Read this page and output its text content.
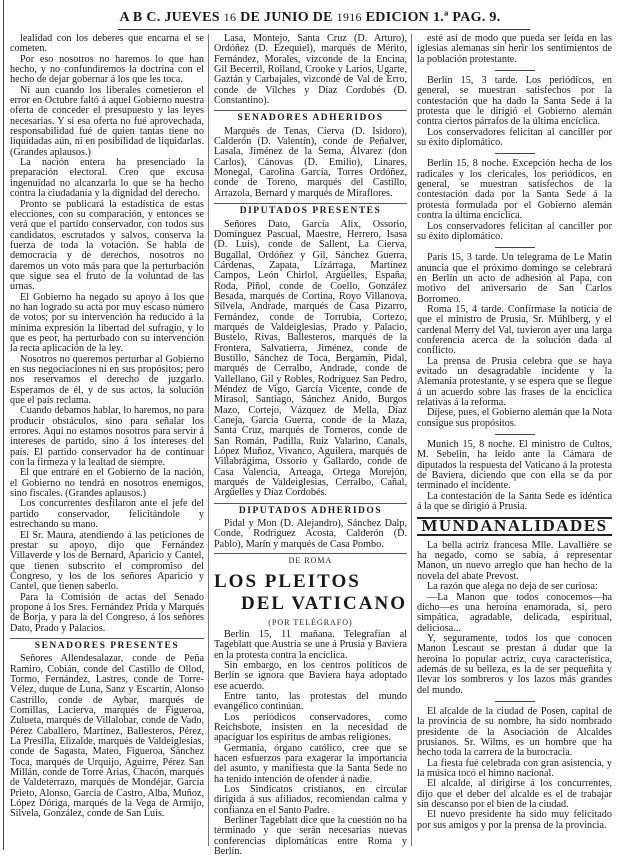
A B C. JUEVES 16 DE JUNIO DE 1916 EDICION 1.ª PAG. 9.

lealidad con los deberes que encarna el se cometen.

Por eso nosotros no haremos lo que han hecho, y no confundiremos la doctrina con el hecho de dejar gobernar á los que les toca.

Ni aun cuando los liberales cometieron el error en Octubre faltó á aquel Gobierno nuestra oferta de conceder el presupuesto y las leyes necesarias. Y si esa oferta no fué aprovechada, responsabilidad fué de quien tantas tiene no liquidadas aún, ni en posibilidad de liquidarlas. (Grandes aplausos.)

La nación entera ha presenciado la preparación electoral. Creo que excusa ingenuidad no alcanzarla lo que se ha hecho contra la ciudadanía y la dignidad del derecho.

Pronto se publicará la estadística de estas elecciones, con su comparación, y entonces se verá que el partido conservador, con todos sus candidatos, escrutados y salvos, conserva la fuerza de toda la votación. Se habla de democracia y de derechos, nosotros no daremos un voto más para que la perturbación que sigue sea el fruto de la voluntad de las urnas.

El Gobierno ha negado su apoyo á los que no han logrado su acta por muy escaso número de votos; por su intervención ha reducido á la mínima expresión la libertad del sufragio, y lo que es peor, ha perturbado con su intervención la recta aplicación de la ley.

Nosotros no queremos perturbar al Gobierno en sus negociaciones ni en sus propósitos; pero nos reservamos el derecho de juzgarlo. Esperamos de él, y de sus actos, la solución que el país reclama.

Cuando debamos hablar, lo haremos, no para producir obstáculos, sino para señalar los errores. Aquí no estamos nosotros para servir á intereses de partido, sino á los intereses del país. El partido conservador ha de continuar con la firmeza y la lealtad de siempre.

El que entraré en el Gobierno de la nación, el Gobierno no tendrá en nosotros enemigos, sino fiscales. (Grandes aplausos.)

Los concurrentes desfilaron ante el jefe del partido conservador, felicitándole y estrechando su mano.

El Sr. Maura, atendiendo á las peticiones de prestar su apoyo, dijo que Fernández Villaverde y los de Bernard, Aparicio y Cantel, que tienen subscrito el compromiso del Congreso, y los de los señores Aparicio y Cantel, que tienen saberlo.

Para la Comisión de actas del Senado propone á los Sres. Fernández Prida y Marqués de Borja, y para la del Congreso, á los señores Dato, Prado y Palacios.

SENADORES PRESENTES

Señores Allendesalazar, conde de Peña Ramiro, Cobián, conde del Castillo de Ollod, Tormo, Fernández, Lastres, conde de Torre-Vélez, duque de Luna, Sanz y Escartín, Alonso Castrillo, conde de Aybar, marqués de Comillas, Lacierva, marqués de Figueroa, Zulueta, marqués de Villalobar, conde de Vado, Pérez Caballero, Martínez, Ballesteros, Pérez, La Presilla, Elizalde, marqués de Valdeiglesias, conde de Sagasta, Mateo, Figueroa, Sánchez Toca, marqués de Urquijo, Aguirre, Pérez San Millán, conde de Torre Arias, Chacón, marqués de Valdeterrazo, marqués de Mondéjar, García Prieto, Alonso, García de Castro, Alba, Muñoz, López Dóriga, marqués de la Vega de Armijo, Silvela, González, conde de San Luis.

Lasa, Montejo, Santa Cruz (D. Arturo), Ordóñez (D. Ezequiel), marqués de Mérito, Fernández, Morales, vizconde de la Encina, Gil Becerril, Rolland, Crooke y Larios, Ugarte, Gaztán y Carbajales, vizconde de Val de Erro, conde de Vilches y Díaz Cordobés (D. Constantino).

SENADORES ADHERIDOS

Marqués de Tenas, Cierva (D. Isidoro), Calderón (D. Valentín), conde de Peñalver, Lasala, Jiménez de la Serna, Álvarez (don Carlos), Cánovas (D. Emilio), Linares, Monegal, Carolina García, Torres Ordóñez, conde de Toreno, marqués del Castillo, Arrazola, Bernard y marqués de Miraflores.

DIPUTADOS PRESENTES

Señores Dato, García Alix, Ossorio, Domínguez Pascual, Maestre, Herrero, Isasa (D. Luis), conde de Sallent, La Cierva, Bugallal, Ordóñez y Gil, Sánchez Guerra, Cárdenas, Zapata, Lizárraga, Martínez Campos, León Chirlol, Argüelles, España, Roda, Piñol, conde de Coello, González Besada, marqués de Cortina, Royo Villanova, Silvela, Andrade, marqués de Casa Pizarro, Fernández, conde de Torrubia, Cortezo, marqués de Valdeiglesias, Prado y Palacio, Bustelo, Rivas, Ballesteros, marqués de la Frontera, Salvatierra, Jiménez, conde de Bustillo, Sánchez de Toca, Bergamín, Pidal, marqués de Cerralbo, Andrade, conde de Vallellano, Gil y Robles, Rodríguez San Pedro, Méndez de Vigo, García Vicente, conde de Mirasol, Santiago, Sánchez Anido, Burgos Mazo, Cortejo, Vázquez de Mella, Díaz Caneja, García Guerra, conde de la Maza, Santa Cruz, marqués de Torneros, conde de San Román, Padilla, Ruiz Valarino, Canals, López Muñoz, Vivanco, Aguilera, marqués de Villabrágima, Ossorio y Gallardo, conde de Casa Valencia, Arteaga, Ortega Morejón, marqués de Valdeiglesias, Cerralbo, Cañal, Argüelles y Díaz Cordobés.

DIPUTADOS ADHERIDOS

Pidal y Mon (D. Alejandro), Sánchez Dalp, Conde, Rodríguez Acosta, Calderón (D. Pablo), Marín y marqués de Casa Pombo.

DE ROMA
LOS PLEITOS
DEL VATICANO
(POR TELÉGRAFO)

Berlín 15, 11 mañana. Telegrafían al Tageblatt que Austria se une á Prusia y Baviera en la protesta contra la encíclica.

Sin embargo, en los centros políticos de Berlín se ignora que Baviera haya adoptado ese acuerdo.

Entre tanto, las protestas del mundo evangélico continúan.

Los periódicos conservadores, como Reichsbote, insisten en la necesidad de apaciguar los espíritus de ambas religiones.

Germania, órgano católico, cree que se hacen esfuerzos para exagerar la importancia del asunto, y manifiesta que la Santa Sede no ha tenido intención de ofender á nadie.

Los Sindicatos cristianos, en circular dirigida á sus afiliados, recomiendan calma y confianza en el Santo Padre.

Berliner Tageblatt dice que la cuestión no ha terminado y que serán necesarias nuevas conferencias diplomáticas entre Roma y Berlín.

esté así de modo que pueda ser leída en las iglesias alemanas sin herir los sentimientos de la población protestante.

Berlín 15, 3 tarde. Los periódicos, en general, se muestran satisfechos por la contestación que ha dado la Santa Sede á la protesta que le dirigió el Gobierno alemán contra ciertos párrafos de la última encíclica.

Los conservadores felicitan al canciller por su éxito diplomático.

Berlín 15, 8 noche. Excepción hecha de los radicales y los clericales, los periódicos, en general, se muestran satisfechos de la contestación dada por la Santa Sede á la protesta formulada por el Gobierno alemán contra la última encíclica.

Los conservadores felicitan al canciller por su éxito diplomático.

París 15, 3 tarde. Un telegrama de Le Matin anuncia que el próximo domingo se celebrará en Berlín un acto de adhesión al Papa, con motivo del aniversario de San Carlos Borromeo.

Roma 15, 4 tarde. Confírmase la noticia de que el ministro de Prusia, Sr. Mühlberg, y el cardenal Merry del Val, tuvieron ayer una larga conferencia acerca de la solución dada al conflicto.

La prensa de Prusia celebra que se haya evitado un desagradable incidente y la Alemania protestante, y se espera que se llegue á un acuerdo sobre las frases de la encíclica relativas á la reforma.

Díjese, pues, el Gobierno alemán que la Nota consigue sus propósitos.

Munich 15, 8 noche. El ministro de Cultos, M. Sebelin, ha leído ante la Cámara de diputados la respuesta del Vaticano á la protesta de Baviera, diciendo que con ella se da por terminado el incidente.

La contestación de la Santa Sede es idéntica á la que se dirigió á Prusia.

MUNDANALIDADES

La bella actriz francesa Mlle. Lavallière se ha negado, como se sabía, á representar Manon, un nuevo arreglo que han hecho de la novela del abate Prevost.

La razón que alega no deja de ser curiosa:

—La Manon que todos conocemos—ha dicho—es una heroína enamorada, sí, pero simpática, agradable, delicada, espiritual, deliciosa...

Y, seguramente, todos los que conocen Manon Lescaut se prestan á dudar que la heroína lo popular actriz, cuya característica, además de su belleza, es la de ser pequeñita y llevar los sombreros y los lazos más grandes del mundo.

El alcalde de la ciudad de Posen, capital de la provincia de su nombre, ha sido nombrado presidente de la Asociación de Alcaldes prusianos. Sr. Wilms, es un hombre que ha hecho toda la carrera de la burocracia.

La fiesta fué celebrada con gran asistencia, y la música tocó el himno nacional.

El alcalde, al dirigirse á los concurrentes, dijo que el deber del alcalde es el de trabajar sin descanso por el bien de la ciudad.

El nuevo presidente ha sido muy felicitado por sus amigos y por la prensa de la provincia.
